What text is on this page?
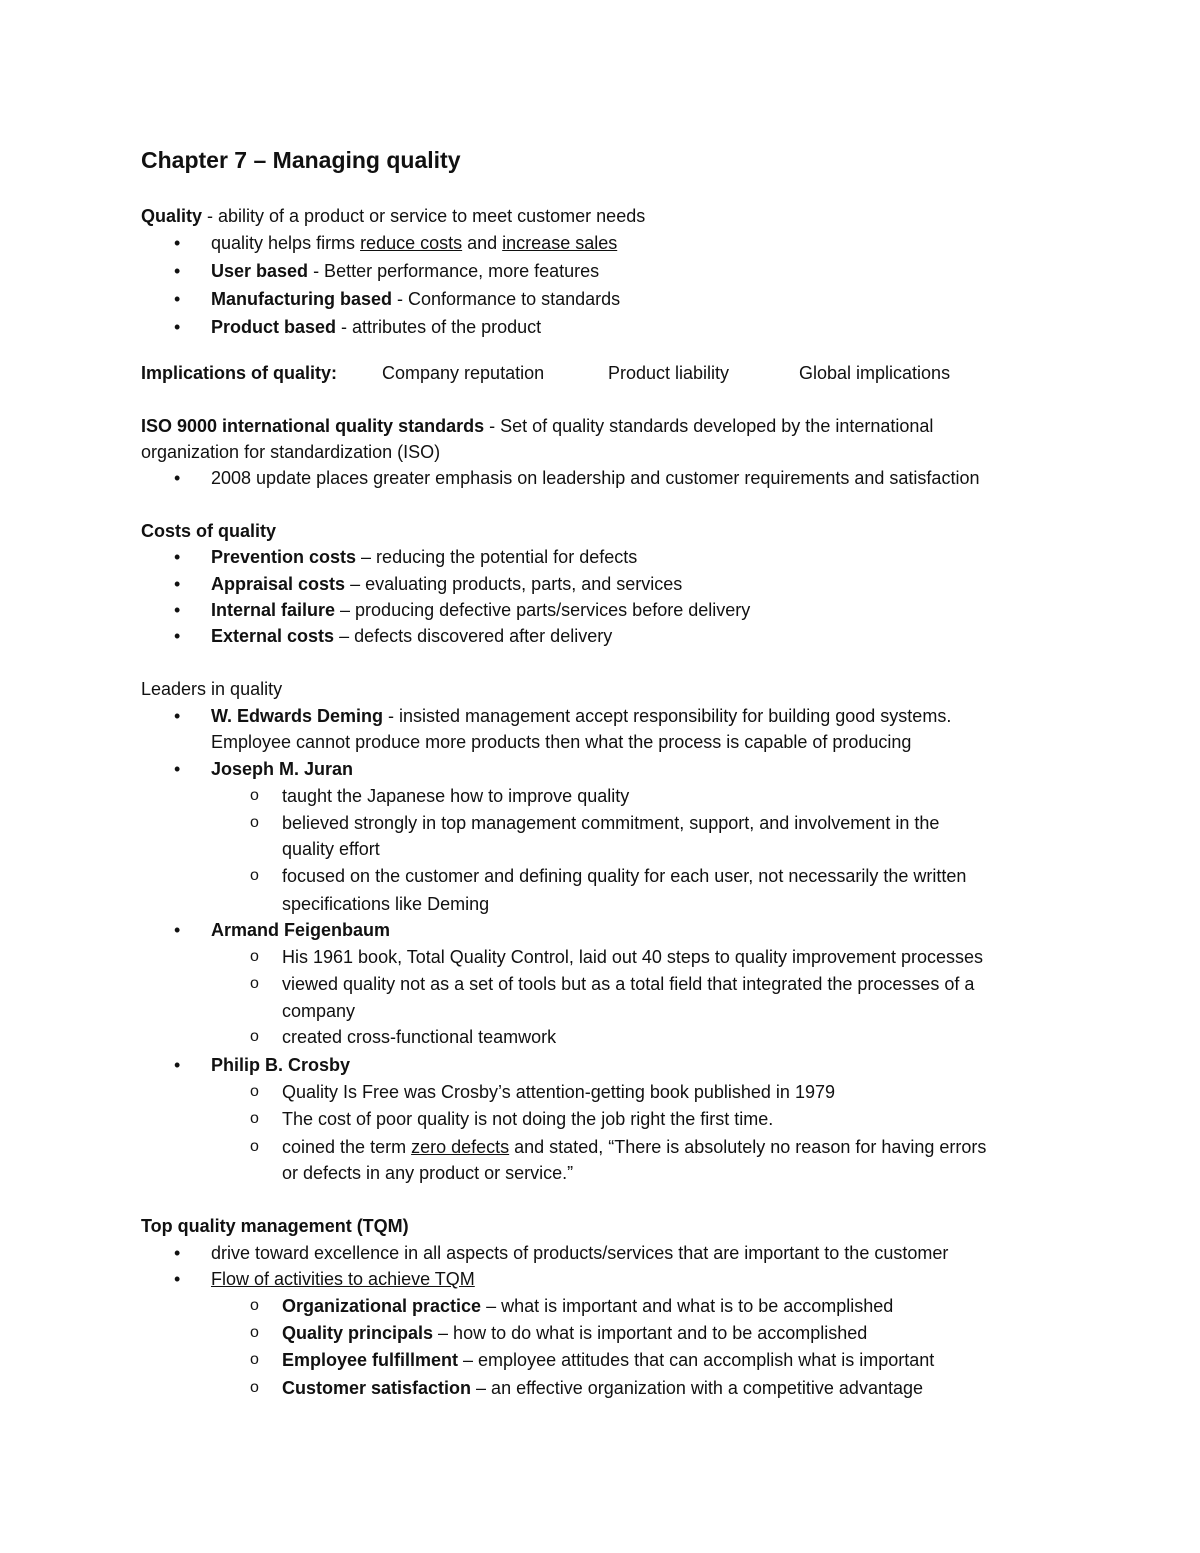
Chapter 7 – Managing quality
Quality - ability of a product or service to meet customer needs
• quality helps firms reduce costs and increase sales
• User based - Better performance, more features
• Manufacturing based - Conformance to standards
• Product based - attributes of the product
Implications of quality: Company reputation	Product liability	Global implications
ISO 9000 international quality standards - Set of quality standards developed by the international
organization for standardization (ISO)
• 2008 update places greater emphasis on leadership and customer requirements and satisfaction
Costs of quality
• Prevention costs – reducing the potential for defects
• Appraisal costs – evaluating products, parts, and services
• Internal failure – producing defective parts/services before delivery
• External costs – defects discovered after delivery
Leaders in quality
• W. Edwards Deming - insisted management accept responsibility for building good systems.
Employee cannot produce more products then what the process is capable of producing
• Joseph M. Juran
o taught the Japanese how to improve quality
o believed strongly in top management commitment, support, and involvement in the
quality effort
o focused on the customer and defining quality for each user, not necessarily the written
specifications like Deming
• Armand Feigenbaum
o His 1961 book, Total Quality Control, laid out 40 steps to quality improvement processes
o viewed quality not as a set of tools but as a total field that integrated the processes of a
company
o created cross-functional teamwork
• Philip B. Crosby
o Quality Is Free was Crosby’s attention-getting book published in 1979
o The cost of poor quality is not doing the job right the first time.
o coined the term zero defects and stated, “There is absolutely no reason for having errors
or defects in any product or service.”
Top quality management (TQM)
• drive toward excellence in all aspects of products/services that are important to the customer
• Flow of activities to achieve TQM
o Organizational practice – what is important and what is to be accomplished
o Quality principals – how to do what is important and to be accomplished
o Employee fulfillment – employee attitudes that can accomplish what is important
o Customer satisfaction – an effective organization with a competitive advantage
